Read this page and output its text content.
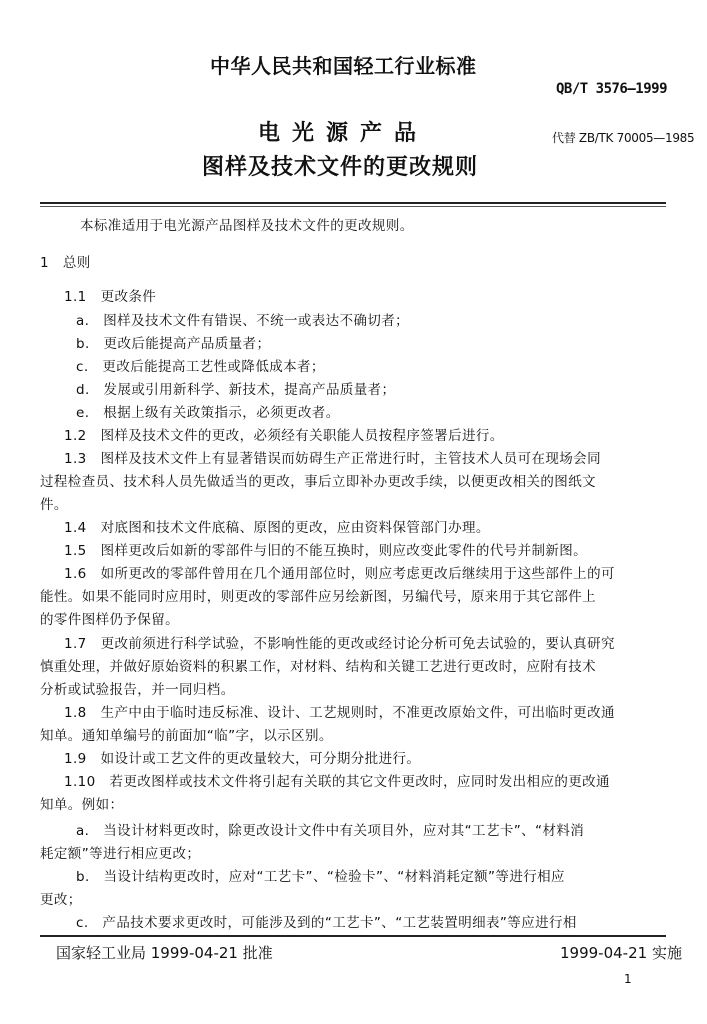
中华人民共和国轻工行业标准
QB/T 3576—1999
电光源产品	代替 ZB/TK 70005—1985
图样及技术文件的更改规则
本标准适用于电光源产品图样及技术文件的更改规则。
1　总则
1.1　更改条件
a.　图样及技术文件有错误、不统一或表达不确切者；
b.　更改后能提高产品质量者；
c.　更改后能提高工艺性或降低成本者；
d.　发展或引用新科学、新技术，提高产品质量者；
e.　根据上级有关政策指示，必须更改者。
1.2　图样及技术文件的更改，必须经有关职能人员按程序签署后进行。
1.3　图样及技术文件上有显著错误而妨碍生产正常进行时，主管技术人员可在现场会同
过程检查员、技术科人员先做适当的更改，事后立即补办更改手续，以便更改相关的图纸文
件。
1.4　对底图和技术文件底稿、原图的更改，应由资料保管部门办理。
1.5　图样更改后如新的零部件与旧的不能互换时，则应改变此零件的代号并制新图。
1.6　如所更改的零部件曾用在几个通用部位时，则应考虑更改后继续用于这些部件上的可
能性。如果不能同时应用时，则更改的零部件应另绘新图，另编代号，原来用于其它部件上
的零件图样仍予保留。
1.7　更改前须进行科学试验，不影响性能的更改或经讨论分析可免去试验的，要认真研究
慎重处理，并做好原始资料的积累工作，对材料、结构和关键工艺进行更改时，应附有技术
分析或试验报告，并一同归档。
1.8　生产中由于临时违反标准、设计、工艺规则时，不准更改原始文件，可出临时更改通
知单。通知单编号的前面加“临”字，以示区别。
1.9　如设计或工艺文件的更改量较大，可分期分批进行。
1.10　若更改图样或技术文件将引起有关联的其它文件更改时，应同时发出相应的更改通
知单。例如：
a.　当设计材料更改时，除更改设计文件中有关项目外，应对其“工艺卡”、“材料消
耗定额”等进行相应更改；
b.　当设计结构更改时，应对“工艺卡”、“检验卡”、“材料消耗定额”等进行相应
更改；
c.　产品技术要求更改时，可能涉及到的“工艺卡”、“工艺装置明细表”等应进行相
国家轻工业局 1999-04-21 批准	1999-04-21 实施
1
